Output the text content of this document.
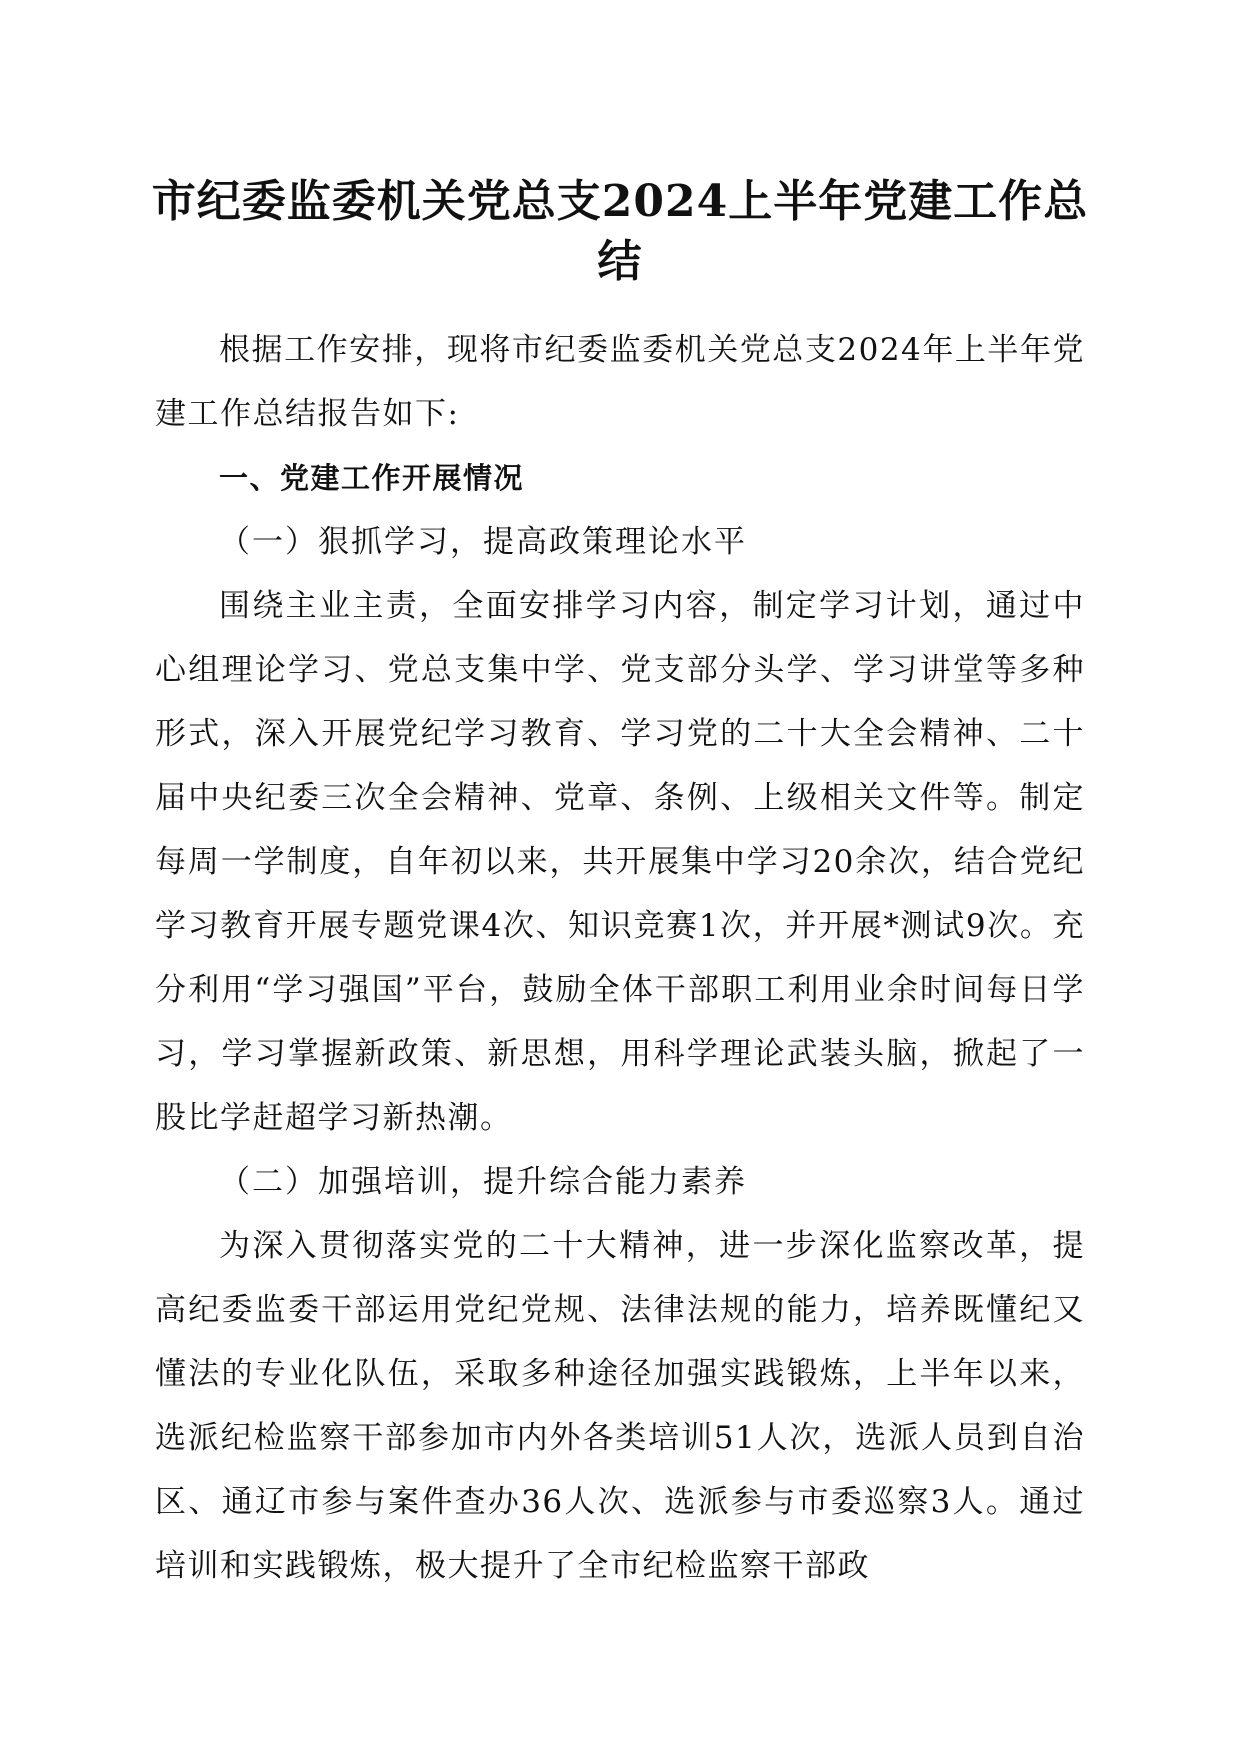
市纪委监委机关党总支2024上半年党建工作总结

根据工作安排，现将市纪委监委机关党总支2024年上半年党建工作总结报告如下:

一、党建工作开展情况

（一）狠抓学习，提高政策理论水平

围绕主业主责，全面安排学习内容，制定学习计划，通过中心组理论学习、党总支集中学、党支部分头学、学习讲堂等多种形式，深入开展党纪学习教育、学习党的二十大全会精神、二十届中央纪委三次全会精神、党章、条例、上级相关文件等。制定每周一学制度，自年初以来，共开展集中学习20余次，结合党纪学习教育开展专题党课4次、知识竞赛1次，并开展*测试9次。充分利用“学习强国”平台，鼓励全体干部职工利用业余时间每日学习，学习掌握新政策、新思想，用科学理论武装头脑，掀起了一股比学赶超学习新热潮。

（二）加强培训，提升综合能力素养

为深入贯彻落实党的二十大精神，进一步深化监察改革，提高纪委监委干部运用党纪党规、法律法规的能力，培养既懂纪又懂法的专业化队伍，采取多种途径加强实践锻炼，上半年以来，选派纪检监察干部参加市内外各类培训51人次，选派人员到自治区、通辽市参与案件查办36人次、选派参与市委巡察3人。通过培训和实践锻炼，极大提升了全市纪检监察干部政
